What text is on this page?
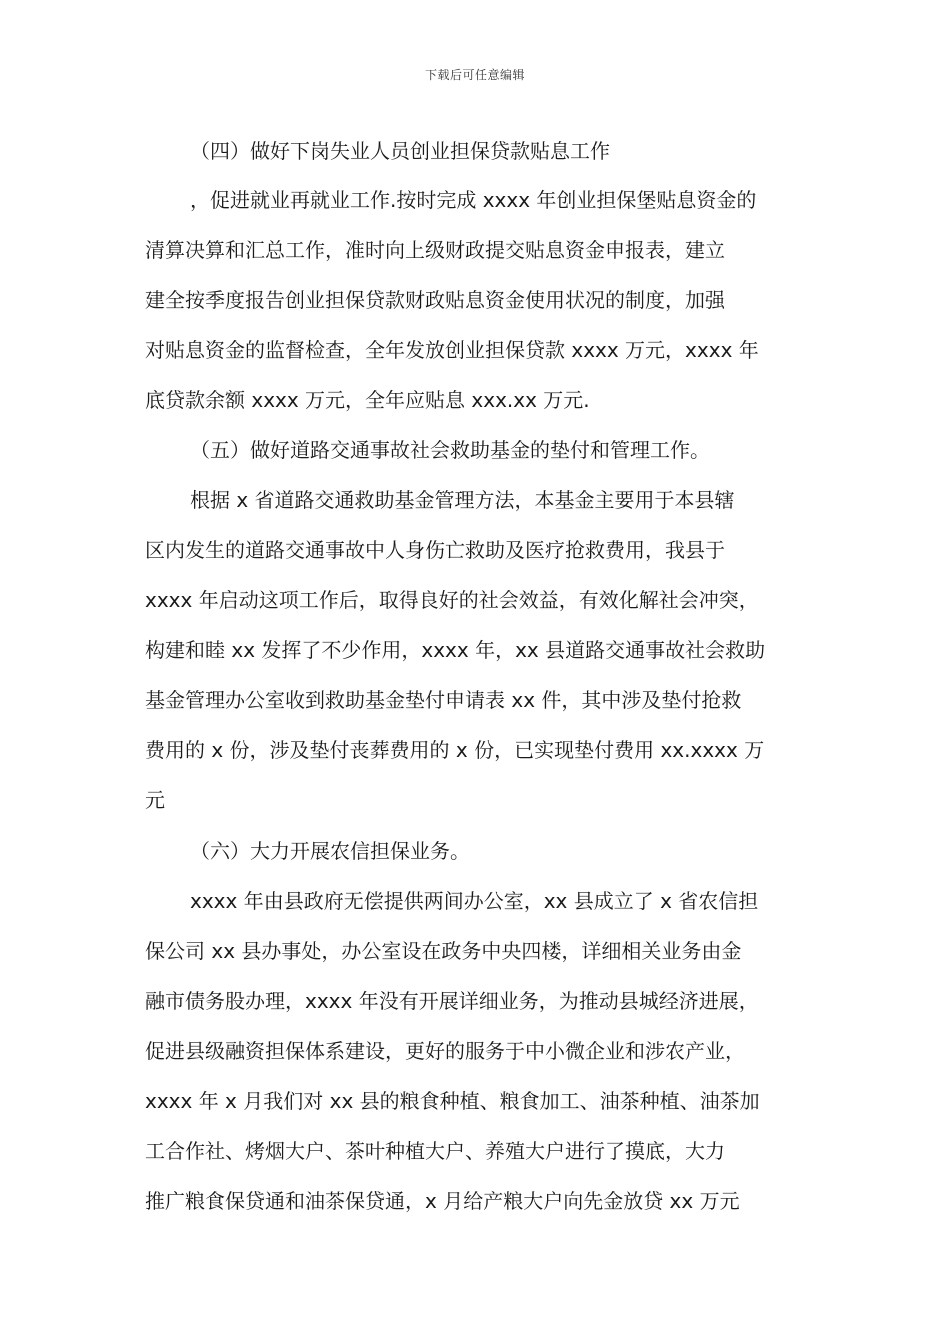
下载后可任意编辑
（四）做好下岗失业人员创业担保贷款贴息工作
，促进就业再就业工作.按时完成 xxxx 年创业担保堡贴息资金的
清算决算和汇总工作，准时向上级财政提交贴息资金申报表，建立
建全按季度报告创业担保贷款财政贴息资金使用状况的制度，加强
对贴息资金的监督检查，全年发放创业担保贷款 xxxx 万元，xxxx 年
底贷款余额 xxxx 万元，全年应贴息 xxx.xx 万元.
（五）做好道路交通事故社会救助基金的垫付和管理工作。
根据 x 省道路交通救助基金管理方法，本基金主要用于本县辖
区内发生的道路交通事故中人身伤亡救助及医疗抢救费用，我县于
xxxx 年启动这项工作后，取得良好的社会效益，有效化解社会冲突，
构建和睦 xx 发挥了不少作用，xxxx 年，xx 县道路交通事故社会救助
基金管理办公室收到救助基金垫付申请表 xx 件，其中涉及垫付抢救
费用的 x 份，涉及垫付丧葬费用的 x 份，已实现垫付费用 xx.xxxx 万
元
（六）大力开展农信担保业务。
xxxx 年由县政府无偿提供两间办公室，xx 县成立了 x 省农信担
保公司 xx 县办事处，办公室设在政务中央四楼，详细相关业务由金
融市债务股办理，xxxx 年没有开展详细业务，为推动县城经济进展，
促进县级融资担保体系建设，更好的服务于中小微企业和涉农产业，
xxxx 年 x 月我们对 xx 县的粮食种植、粮食加工、油茶种植、油茶加
工合作社、烤烟大户、茶叶种植大户、养殖大户进行了摸底，大力
推广粮食保贷通和油茶保贷通，x 月给产粮大户向先金放贷 xx 万元
